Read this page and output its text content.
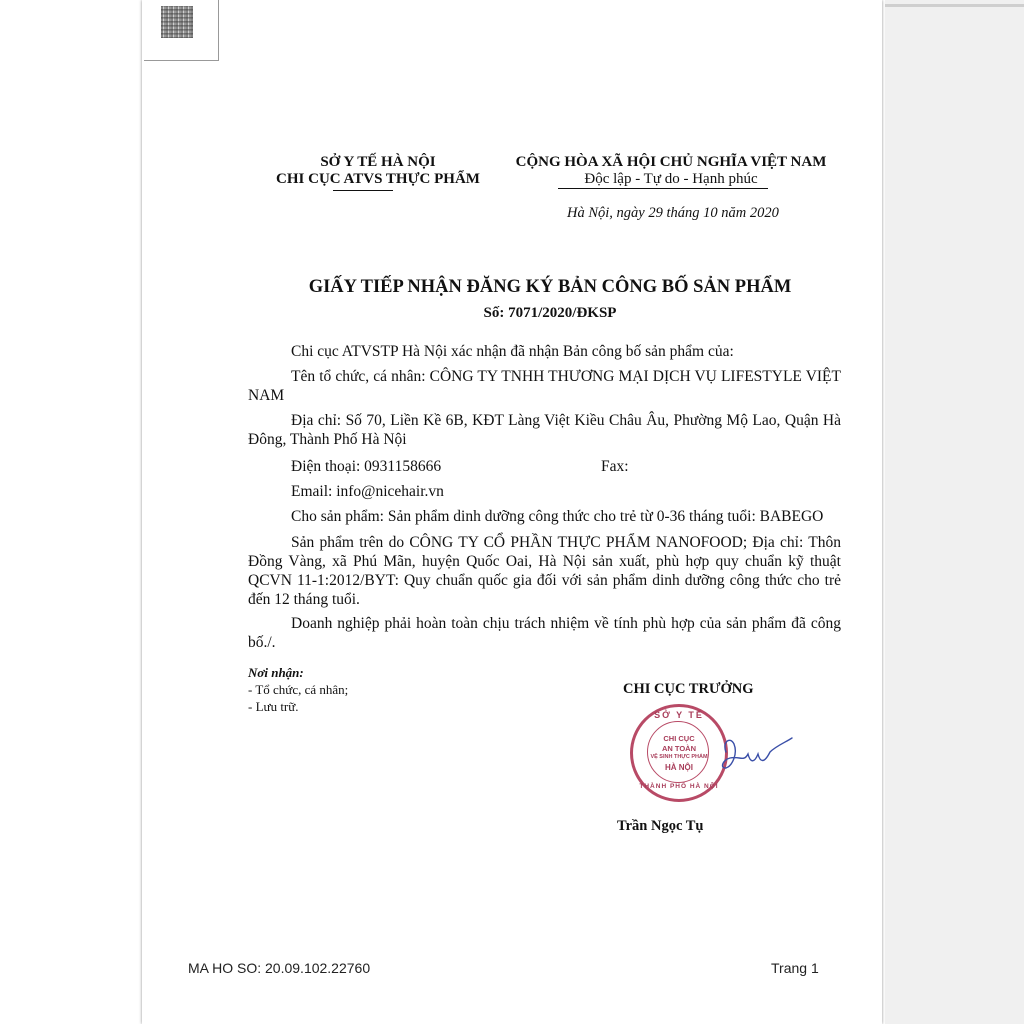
SỞ Y TẾ HÀ NỘI
CHI CỤC ATVS THỰC PHẨM
CỘNG HÒA XÃ HỘI CHỦ NGHĨA VIỆT NAM
Độc lập - Tự do - Hạnh phúc
Hà Nội, ngày 29 tháng 10 năm 2020
GIẤY TIẾP NHẬN ĐĂNG KÝ BẢN CÔNG BỐ SẢN PHẨM
Số: 7071/2020/ĐKSP
Chi cục ATVSTP Hà Nội xác nhận đã nhận Bản công bố sản phẩm của:
Tên tổ chức, cá nhân: CÔNG TY TNHH THƯƠNG MẠI DỊCH VỤ LIFESTYLE VIỆT NAM
Địa chỉ: Số 70, Liền Kề 6B, KĐT Làng Việt Kiều Châu Âu, Phường Mộ Lao, Quận Hà Đông, Thành Phố Hà Nội
Điện thoại: 0931158666	Fax:
Email: info@nicehair.vn
Cho sản phẩm: Sản phẩm dinh dưỡng công thức cho trẻ từ 0-36 tháng tuổi: BABEGO
Sản phẩm trên do CÔNG TY CỔ PHẦN THỰC PHẨM NANOFOOD; Địa chỉ: Thôn Đồng Vàng, xã Phú Mãn, huyện Quốc Oai, Hà Nội sản xuất, phù hợp quy chuẩn kỹ thuật QCVN 11-1:2012/BYT: Quy chuẩn quốc gia đối với sản phẩm dinh dưỡng công thức cho trẻ đến 12 tháng tuổi.
Doanh nghiệp phải hoàn toàn chịu trách nhiệm về tính phù hợp của sản phẩm đã công bố./.
Nơi nhận:
- Tổ chức, cá nhân;
- Lưu trữ.
CHI CỤC TRƯỞNG
SỞ Y TẾ
CHI CỤC
AN TOÀN
VỆ SINH THỰC PHẨM
HÀ NỘI
THÀNH PHỐ HÀ NỘI
Trần Ngọc Tụ
MA HO SO: 20.09.102.22760	Trang 1
